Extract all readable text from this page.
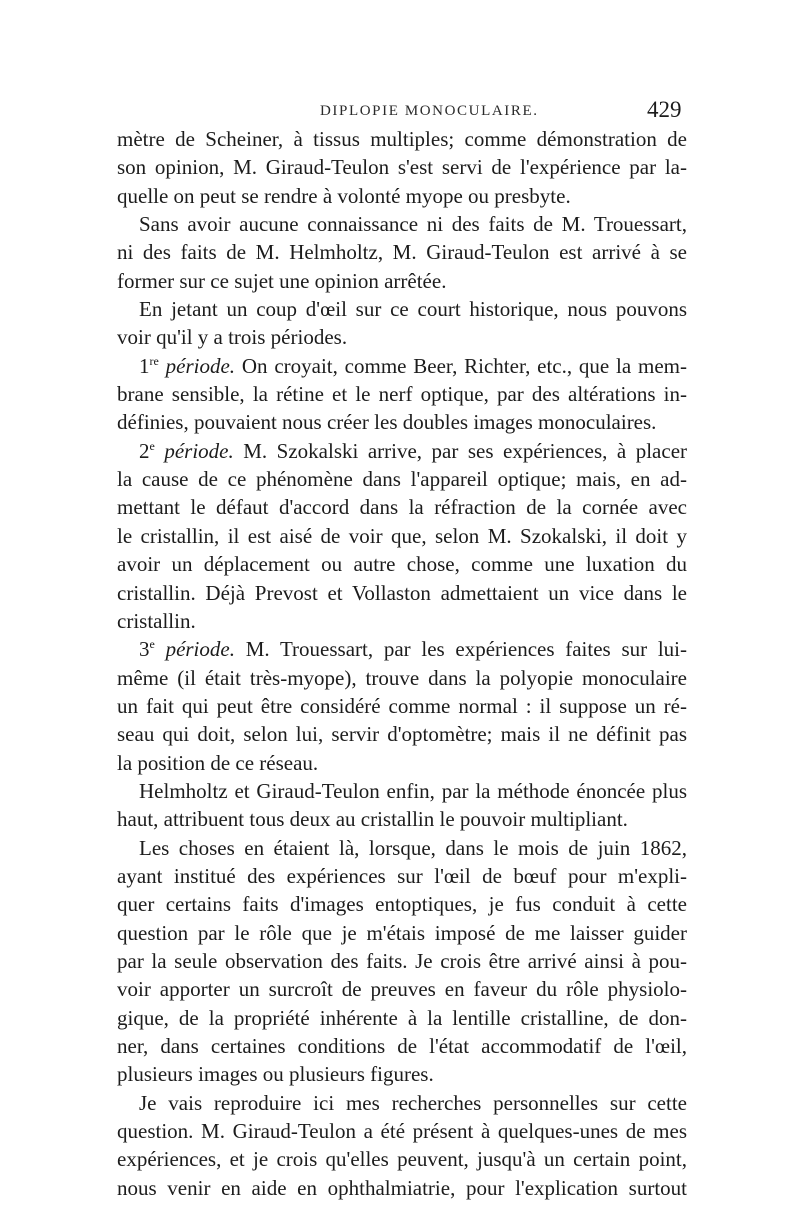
DIPLOPIE MONOCULAIRE.	429
mètre de Scheiner, à tissus multiples; comme démonstration de
son opinion, M. Giraud-Teulon s'est servi de l'expérience par la-
quelle on peut se rendre à volonté myope ou presbyte.
Sans avoir aucune connaissance ni des faits de M. Trouessart,
ni des faits de M. Helmholtz, M. Giraud-Teulon est arrivé à se
former sur ce sujet une opinion arrêtée.
En jetant un coup d'œil sur ce court historique, nous pouvons
voir qu'il y a trois périodes.
1re période. On croyait, comme Beer, Richter, etc., que la mem-
brane sensible, la rétine et le nerf optique, par des altérations in-
définies, pouvaient nous créer les doubles images monoculaires.
2e période. M. Szokalski arrive, par ses expériences, à placer
la cause de ce phénomène dans l'appareil optique; mais, en ad-
mettant le défaut d'accord dans la réfraction de la cornée avec
le cristallin, il est aisé de voir que, selon M. Szokalski, il doit y
avoir un déplacement ou autre chose, comme une luxation du
cristallin. Déjà Prevost et Vollaston admettaient un vice dans le
cristallin.
3e période. M. Trouessart, par les expériences faites sur lui-
même (il était très-myope), trouve dans la polyopie monoculaire
un fait qui peut être considéré comme normal : il suppose un ré-
seau qui doit, selon lui, servir d'optomètre; mais il ne définit pas
la position de ce réseau.
Helmholtz et Giraud-Teulon enfin, par la méthode énoncée plus
haut, attribuent tous deux au cristallin le pouvoir multipliant.
Les choses en étaient là, lorsque, dans le mois de juin 1862,
ayant institué des expériences sur l'œil de bœuf pour m'expli-
quer certains faits d'images entoptiques, je fus conduit à cette
question par le rôle que je m'étais imposé de me laisser guider
par la seule observation des faits. Je crois être arrivé ainsi à pou-
voir apporter un surcroît de preuves en faveur du rôle physiolo-
gique, de la propriété inhérente à la lentille cristalline, de don-
ner, dans certaines conditions de l'état accommodatif de l'œil,
plusieurs images ou plusieurs figures.
Je vais reproduire ici mes recherches personnelles sur cette
question. M. Giraud-Teulon a été présent à quelques-unes de mes
expériences, et je crois qu'elles peuvent, jusqu'à un certain point,
nous venir en aide en ophthalmiatrie, pour l'explication surtout
